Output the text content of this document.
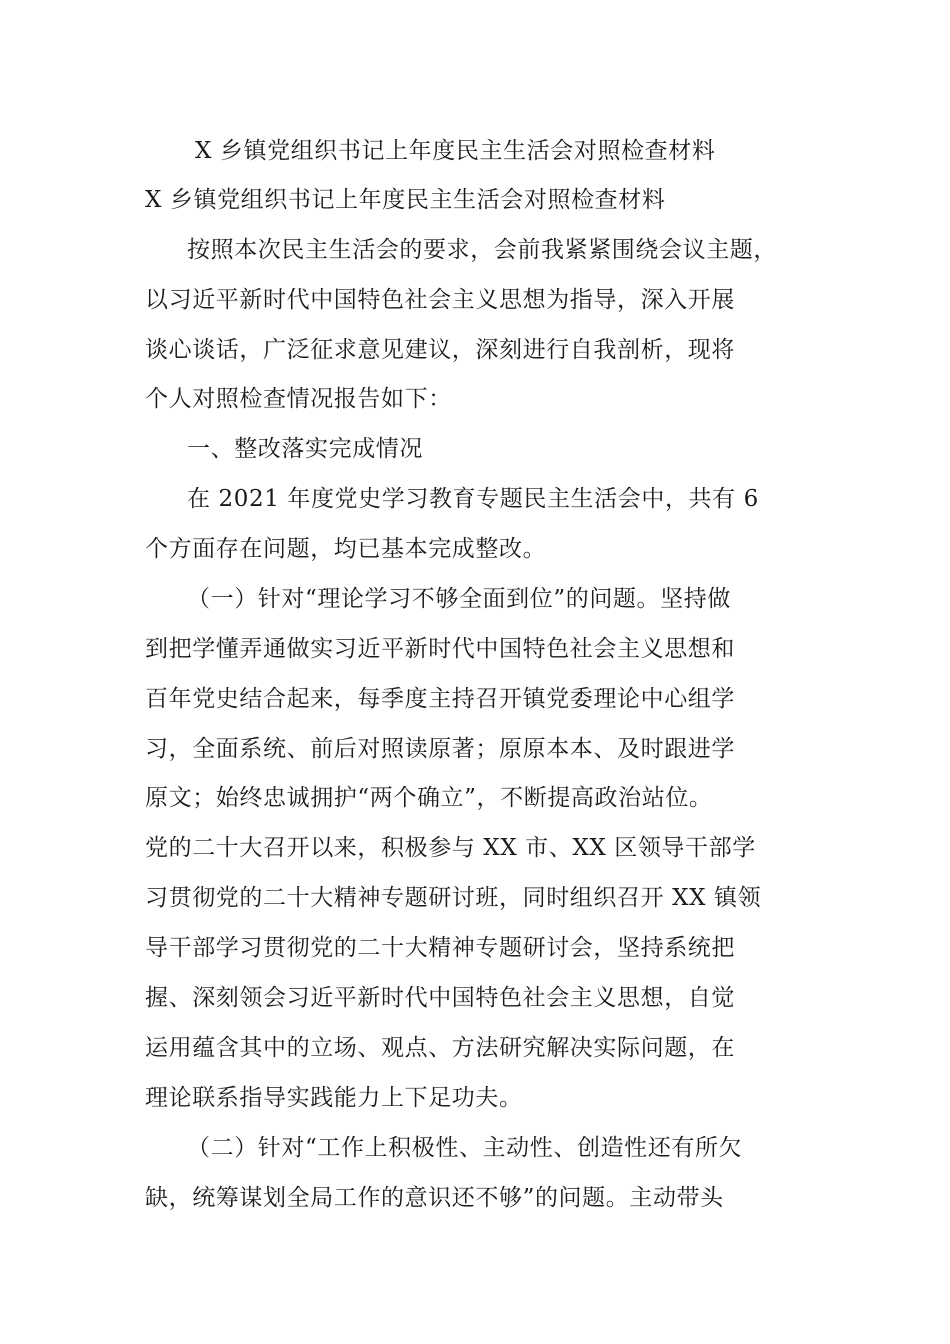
X 乡镇党组织书记上年度民主生活会对照检查材料
X 乡镇党组织书记上年度民主生活会对照检查材料
按照本次民主生活会的要求，会前我紧紧围绕会议主题，
以习近平新时代中国特色社会主义思想为指导，深入开展
谈心谈话，广泛征求意见建议，深刻进行自我剖析，现将
个人对照检查情况报告如下：
一、整改落实完成情况
在 2021 年度党史学习教育专题民主生活会中，共有 6
个方面存在问题，均已基本完成整改。
（一）针对“理论学习不够全面到位”的问题。坚持做
到把学懂弄通做实习近平新时代中国特色社会主义思想和
百年党史结合起来，每季度主持召开镇党委理论中心组学
习，全面系统、前后对照读原著；原原本本、及时跟进学
原文；始终忠诚拥护“两个确立”，不断提高政治站位。
党的二十大召开以来，积极参与 XX 市、XX 区领导干部学
习贯彻党的二十大精神专题研讨班，同时组织召开 XX 镇领
导干部学习贯彻党的二十大精神专题研讨会，坚持系统把
握、深刻领会习近平新时代中国特色社会主义思想，自觉
运用蕴含其中的立场、观点、方法研究解决实际问题，在
理论联系指导实践能力上下足功夫。
（二）针对“工作上积极性、主动性、创造性还有所欠
缺，统筹谋划全局工作的意识还不够”的问题。主动带头
